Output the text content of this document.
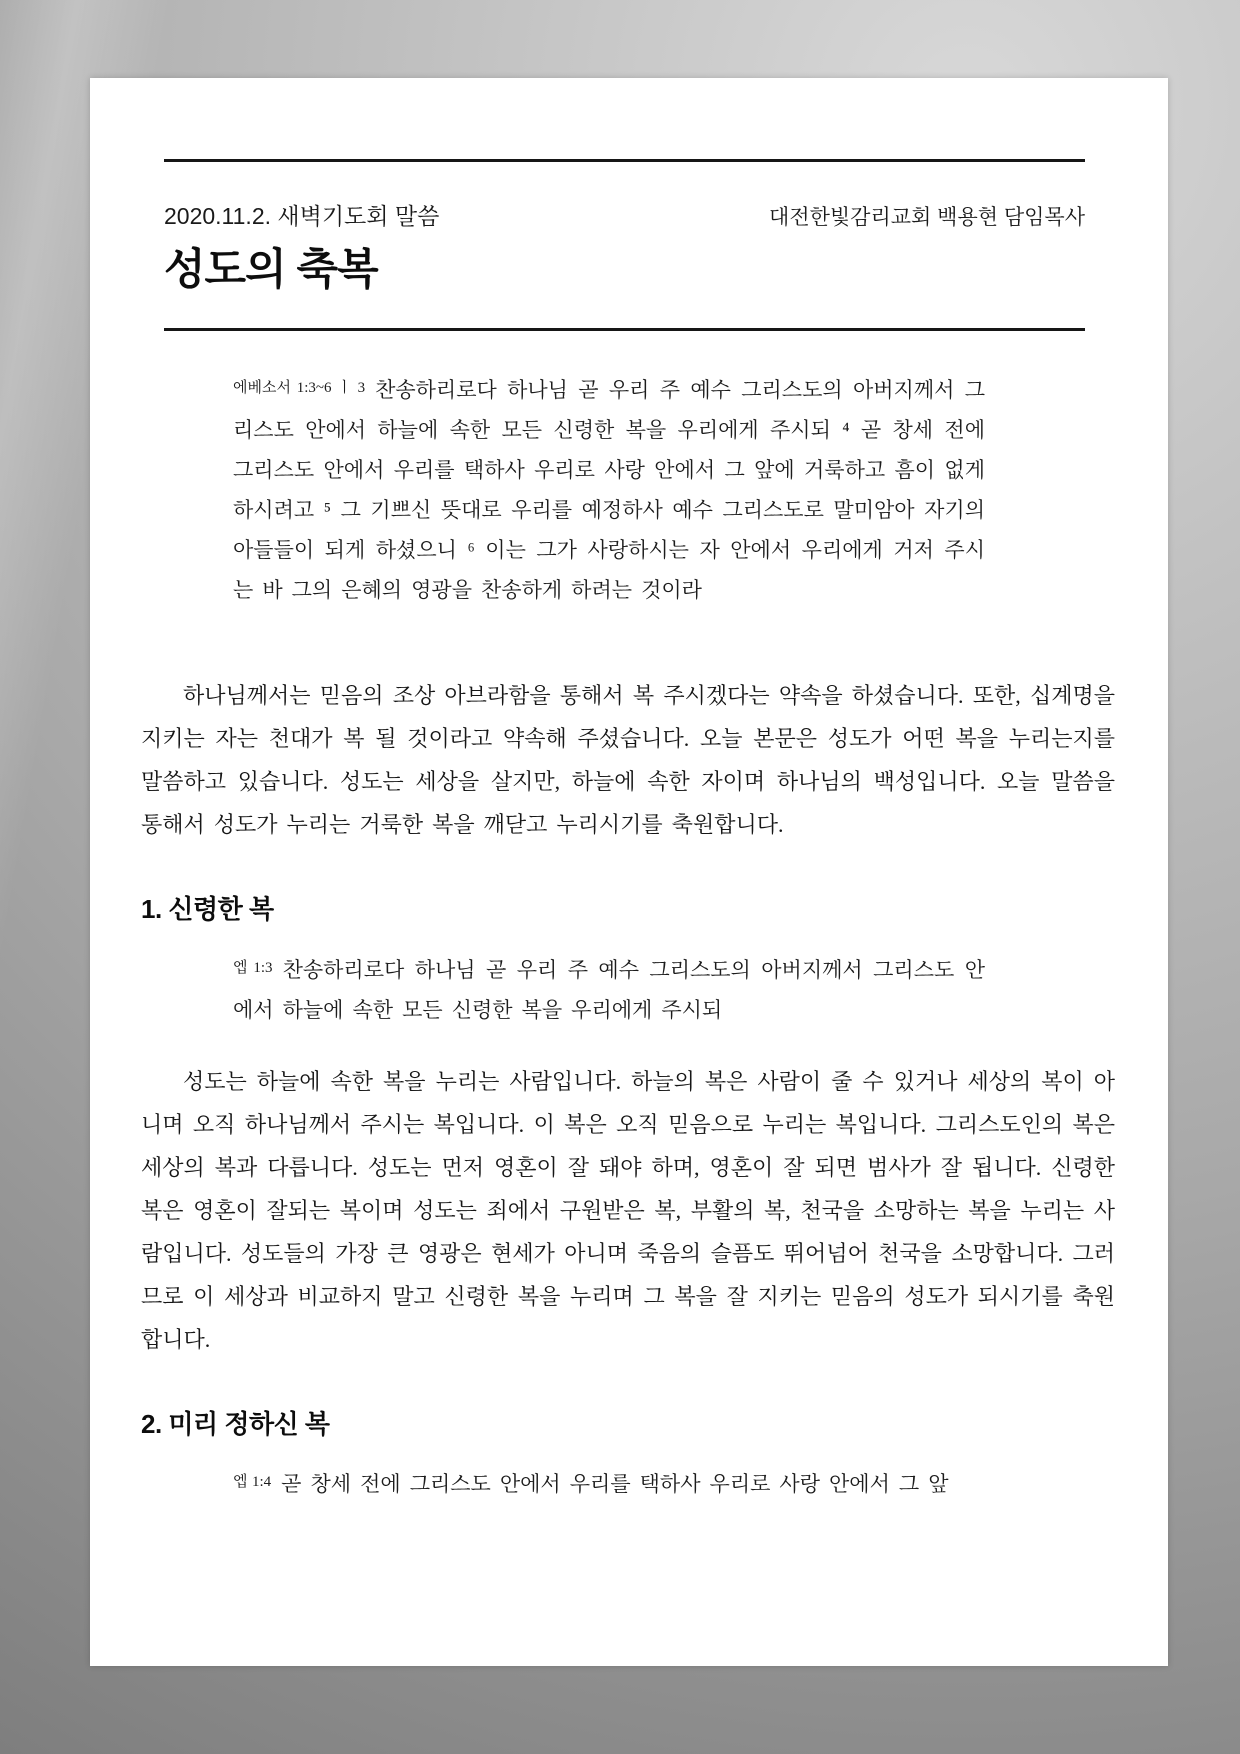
2020.11.2. 새벽기도회 말씀	대전한빛감리교회 백용현 담임목사
성도의 축복

$^{에베소서 1:3\sim 6 ㅣ 3}$ 찬송하리로다 하나님 곧 우리 주 예수 그리스도의 아버지께서 그리스도 안에서 하늘에 속한 모든 신령한 복을 우리에게 주시되 ⁴ 곧 창세 전에 그리스도 안에서 우리를 택하사 우리로 사랑 안에서 그 앞에 거룩하고 흠이 없게 하시려고 ⁵ 그 기쁘신 뜻대로 우리를 예정하사 예수 그리스도로 말미암아 자기의 아들들이 되게 하셨으니 ⁶ 이는 그가 사랑하시는 자 안에서 우리에게 거저 주시는 바 그의 은혜의 영광을 찬송하게 하려는 것이라

하나님께서는 믿음의 조상 아브라함을 통해서 복 주시겠다는 약속을 하셨습니다. 또한, 십계명을 지키는 자는 천대가 복 될 것이라고 약속해 주셨습니다. 오늘 본문은 성도가 어떤 복을 누리는지를 말씀하고 있습니다. 성도는 세상을 살지만, 하늘에 속한 자이며 하나님의 백성입니다. 오늘 말씀을 통해서 성도가 누리는 거룩한 복을 깨닫고 누리시기를 축원합니다.

1. 신령한 복

$^{엡 1:3}$ 찬송하리로다 하나님 곧 우리 주 예수 그리스도의 아버지께서 그리스도 안에서 하늘에 속한 모든 신령한 복을 우리에게 주시되

성도는 하늘에 속한 복을 누리는 사람입니다. 하늘의 복은 사람이 줄 수 있거나 세상의 복이 아니며 오직 하나님께서 주시는 복입니다. 이 복은 오직 믿음으로 누리는 복입니다. 그리스도인의 복은 세상의 복과 다릅니다. 성도는 먼저 영혼이 잘 돼야 하며, 영혼이 잘 되면 범사가 잘 됩니다. 신령한 복은 영혼이 잘되는 복이며 성도는 죄에서 구원받은 복, 부활의 복, 천국을 소망하는 복을 누리는 사람입니다. 성도들의 가장 큰 영광은 현세가 아니며 죽음의 슬픔도 뛰어넘어 천국을 소망합니다. 그러므로 이 세상과 비교하지 말고 신령한 복을 누리며 그 복을 잘 지키는 믿음의 성도가 되시기를 축원합니다.

2. 미리 정하신 복

$^{엡 1:4}$ 곧 창세 전에 그리스도 안에서 우리를 택하사 우리로 사랑 안에서 그 앞
